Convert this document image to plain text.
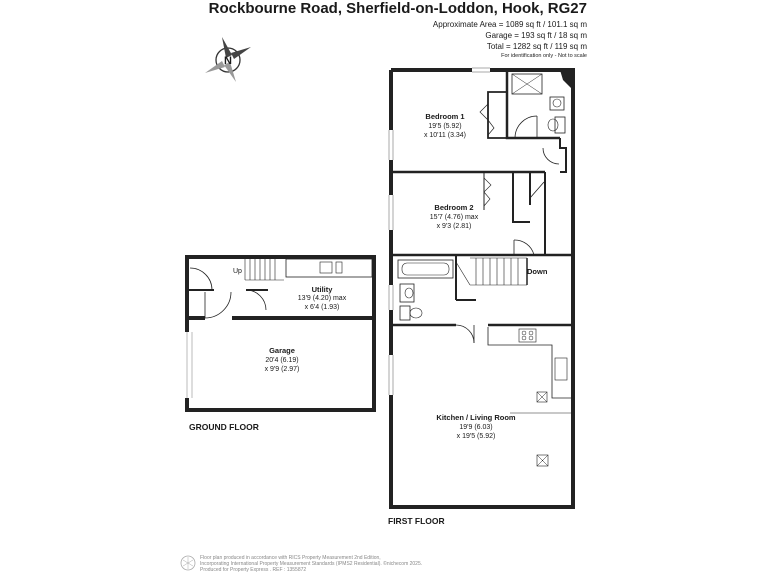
Rockbourne Road, Sherfield-on-Loddon, Hook, RG27
Approximate Area = 1089 sq ft / 101.1 sq m
Garage = 193 sq ft / 18 sq m
Total = 1282 sq ft / 119 sq m
For identification only - Not to scale
N
Up
Utility
13'9 (4.20) max
x 6'4 (1.93)
Garage
20'4 (6.19)
x 9'9 (2.97)
Bedroom 1
19'5 (5.92)
x 10'11 (3.34)
Bedroom 2
15'7 (4.76) max
x 9'3 (2.81)
Down
Kitchen / Living Room
19'9 (6.03)
x 19'5 (5.92)
GROUND FLOOR
FIRST FLOOR
Floor plan produced in accordance with RICS Property Measurement 2nd Edition,
Incorporating International Property Measurement Standards (IPMS2 Residential). ©nichecom 2025.
Produced for Property Express . REF : 1355872
